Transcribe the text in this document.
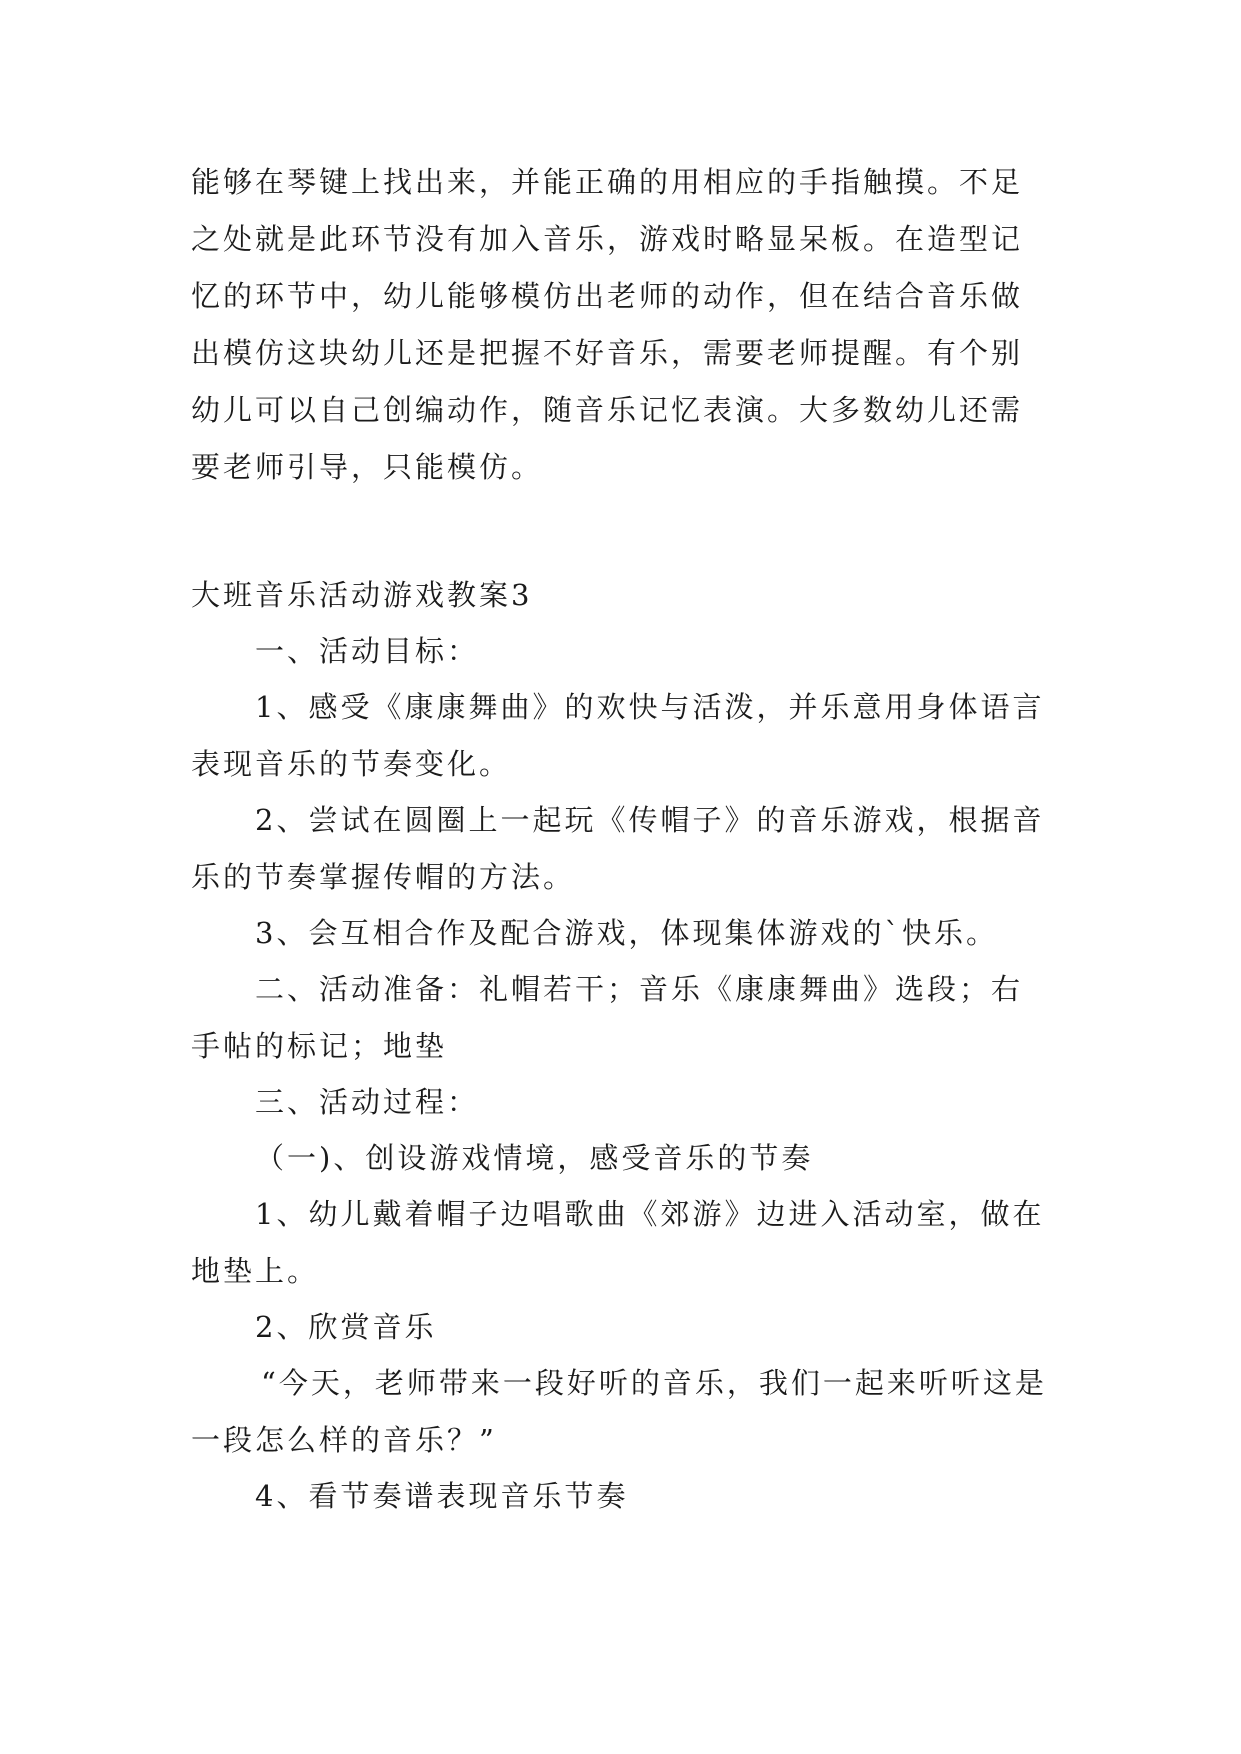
能够在琴键上找出来，并能正确的用相应的手指触摸。不足之处就是此环节没有加入音乐，游戏时略显呆板。在造型记忆的环节中，幼儿能够模仿出老师的动作，但在结合音乐做出模仿这块幼儿还是把握不好音乐，需要老师提醒。有个别幼儿可以自己创编动作，随音乐记忆表演。大多数幼儿还需要老师引导，只能模仿。

大班音乐活动游戏教案3

一、活动目标：

1、感受《康康舞曲》的欢快与活泼，并乐意用身体语言表现音乐的节奏变化。

2、尝试在圆圈上一起玩《传帽子》的音乐游戏，根据音乐的节奏掌握传帽的方法。

3、会互相合作及配合游戏，体现集体游戏的`快乐。

二、活动准备：礼帽若干；音乐《康康舞曲》选段；右手帖的标记；地垫

三、活动过程：

（一)、创设游戏情境，感受音乐的节奏

1、幼儿戴着帽子边唱歌曲《郊游》边进入活动室，做在地垫上。

2、欣赏音乐

“今天，老师带来一段好听的音乐，我们一起来听听这是一段怎么样的音乐？”

4、看节奏谱表现音乐节奏
